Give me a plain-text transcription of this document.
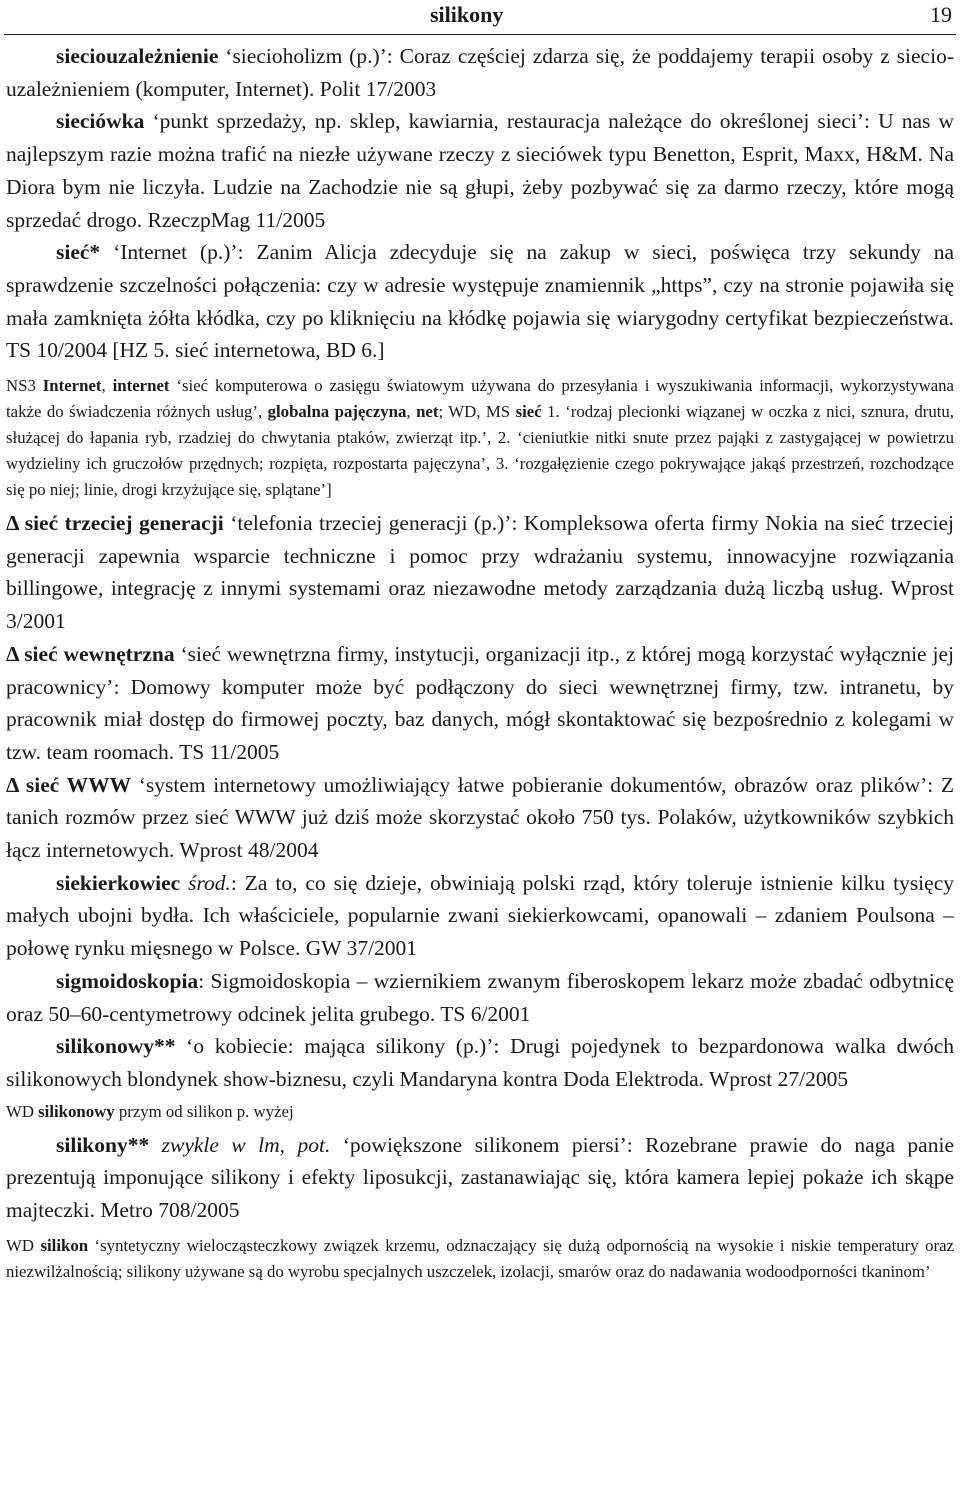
silikony	19

sieciouzależnienie ‘siecioholizm (p.)’: Coraz częściej zdarza się, że poddajemy terapii osoby z sieciouzależnieniem (komputer, Internet). Polit 17/2003

sieciówka ‘punkt sprzedaży, np. sklep, kawiarnia, restauracja należące do określonej sieci’: U nas w najlepszym razie można trafić na niezłe używane rzeczy z sieciówek typu Benetton, Esprit, Maxx, H&M. Na Diora bym nie liczyła. Ludzie na Zachodzie nie są głupi, żeby pozbywać się za darmo rzeczy, które mogą sprzedać drogo. RzeczpMag 11/2005

sieć* ‘Internet (p.)’: Zanim Alicja zdecyduje się na zakup w sieci, poświęca trzy sekundy na sprawdzenie szczelności połączenia: czy w adresie występuje znamiennik „https”, czy na stronie pojawiła się mała zamknięta żółta kłódka, czy po kliknięciu na kłódkę pojawia się wiarygodny certyfikat bezpieczeństwa. TS 10/2004 [HZ 5. sieć internetowa, BD 6.]

NS3 Internet, internet ‘sieć komputerowa o zasięgu światowym używana do przesyłania i wyszukiwania informacji, wykorzystywana także do świadczenia różnych usług’, globalna pajęczyna, net; WD, MS sieć 1. ‘rodzaj plecionki wiązanej w oczka z nici, sznura, drutu, służącej do łapania ryb, rzadziej do chwytania ptaków, zwierząt itp.’, 2. ‘cieniutkie nitki snute przez pająki z zastygającej w powietrzu wydzieliny ich gruczołów przędnych; rozpięta, rozpostarta pajęczyna’, 3. ‘rozgałęzienie czego pokrywające jakąś przestrzeń, rozchodzące się po niej; linie, drogi krzyżujące się, splątane’]

Δ sieć trzeciej generacji ‘telefonia trzeciej generacji (p.)’: Kompleksowa oferta firmy Nokia na sieć trzeciej generacji zapewnia wsparcie techniczne i pomoc przy wdrażaniu systemu, innowacyjne rozwiązania billingowe, integrację z innymi systemami oraz niezawodne metody zarządzania dużą liczbą usług. Wprost 3/2001

Δ sieć wewnętrzna ‘sieć wewnętrzna firmy, instytucji, organizacji itp., z której mogą korzystać wyłącznie jej pracownicy’: Domowy komputer może być podłączony do sieci wewnętrznej firmy, tzw. intranetu, by pracownik miał dostęp do firmowej poczty, baz danych, mógł skontaktować się bezpośrednio z kolegami w tzw. team roomach. TS 11/2005

Δ sieć WWW ‘system internetowy umożliwiający łatwe pobieranie dokumentów, obrazów oraz plików’: Z tanich rozmów przez sieć WWW już dziś może skorzystać około 750 tys. Polaków, użytkowników szybkich łącz internetowych. Wprost 48/2004

siekierkowiec środ.: Za to, co się dzieje, obwiniają polski rząd, który toleruje istnienie kilku tysięcy małych ubojni bydła. Ich właściciele, popularnie zwani siekierkowcami, opanowali – zdaniem Poulsona – połowę rynku mięsnego w Polsce. GW 37/2001

sigmoidoskopia: Sigmoidoskopia – wziernikiem zwanym fiberoskopem lekarz może zbadać odbytnicę oraz 50–60-centymetrowy odcinek jelita grubego. TS 6/2001

silikonowy** ‘o kobiecie: mająca silikony (p.)’: Drugi pojedynek to bezpardonowa walka dwóch silikonowych blondynek show-biznesu, czyli Mandaryna kontra Doda Elektroda. Wprost 27/2005

WD silikonowy przym od silikon p. wyżej

silikony** zwykle w lm, pot. ‘powiększone silikonem piersi’: Rozebrane prawie do naga panie prezentują imponujące silikony i efekty liposukcji, zastanawiając się, która kamera lepiej pokaże ich skąpe majteczki. Metro 708/2005

WD silikon ‘syntetyczny wielocząsteczkowy związek krzemu, odznaczający się dużą odpornością na wysokie i niskie temperatury oraz niezwilżalnością; silikony używane są do wyrobu specjalnych uszczelek, izolacji, smarów oraz do nadawania wodoodporności tkaninom’
